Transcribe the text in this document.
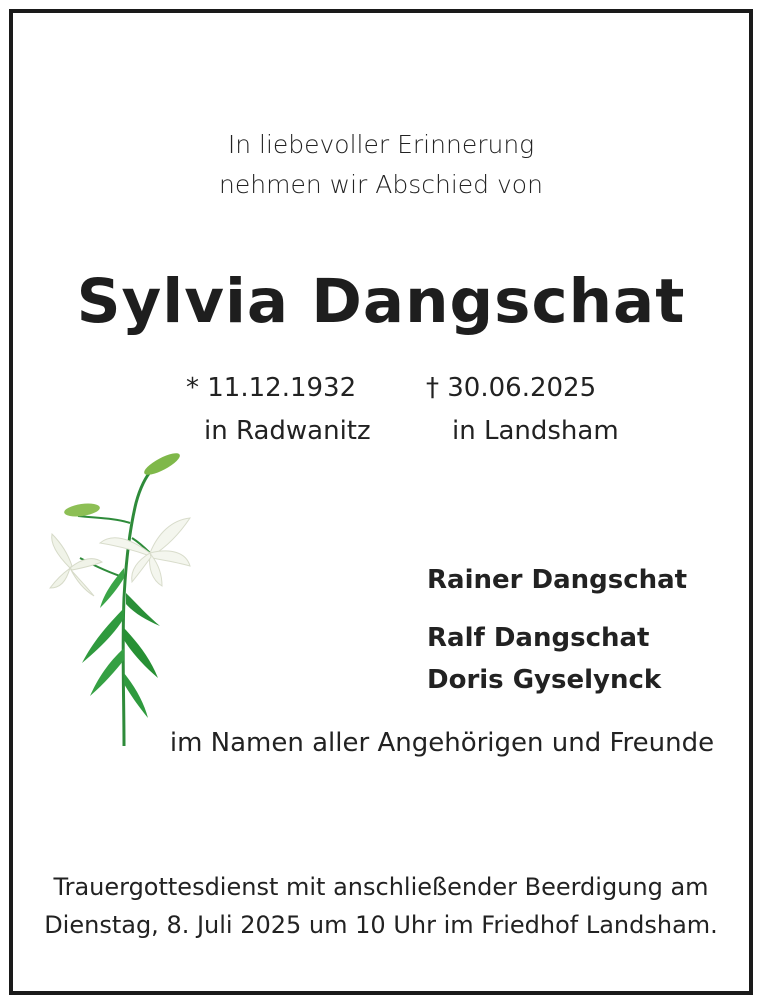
In liebevoller Erinnerung
nehmen wir Abschied von
Sylvia Dangschat
* 11.12.1932
in Radwanitz
† 30.06.2025
in Landsham
Rainer Dangschat
Ralf Dangschat
Doris Gyselynck
im Namen aller Angehörigen und Freunde
Trauergottesdienst mit anschließender Beerdigung am
Dienstag, 8. Juli 2025 um 10 Uhr im Friedhof Landsham.
